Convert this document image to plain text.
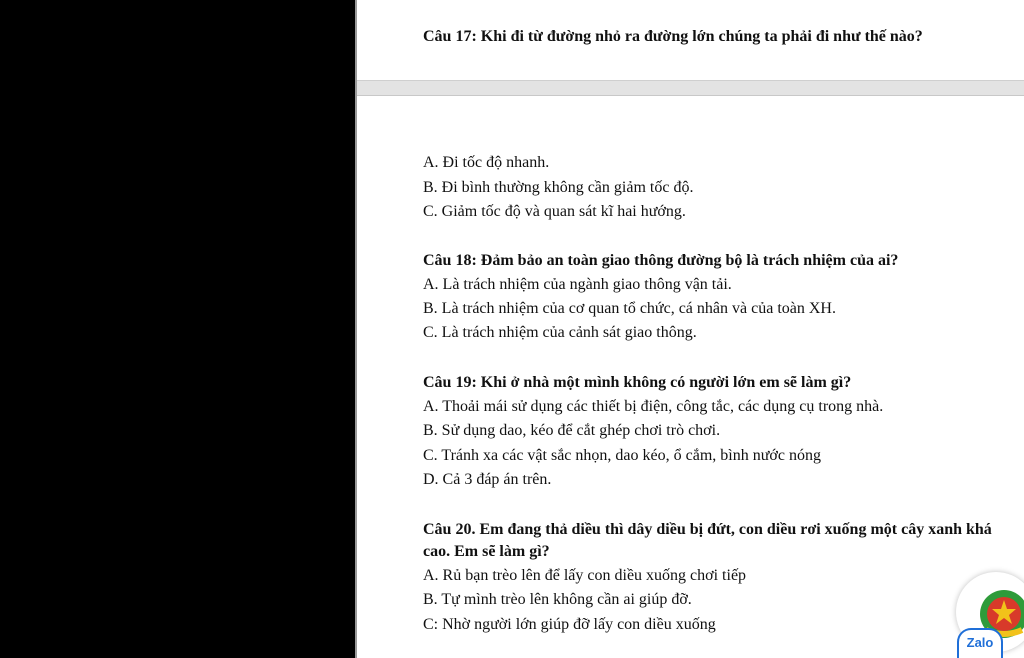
Câu 17: Khi đi từ đường nhỏ ra đường lớn chúng ta phải đi như thế nào?
A. Đi tốc độ nhanh.
B. Đi bình thường không cần giảm tốc độ.
C. Giảm tốc độ và quan sát kĩ hai hướng.
Câu 18: Đảm bảo an toàn giao thông đường bộ là trách nhiệm của ai?
A. Là trách nhiệm của ngành giao thông vận tải.
B. Là trách nhiệm của cơ quan tổ chức, cá nhân và của toàn XH.
C. Là trách nhiệm của cảnh sát giao thông.
Câu 19: Khi ở nhà một mình không có người lớn em sẽ làm gì?
A. Thoải mái sử dụng các thiết bị điện, công tắc, các dụng cụ trong nhà.
B. Sử dụng dao, kéo để cắt ghép chơi trò chơi.
C. Tránh xa các vật sắc nhọn, dao kéo, ổ cắm, bình nước nóng
D. Cả 3 đáp án trên.
Câu 20. Em đang thả diều thì dây diều bị đứt, con diều rơi xuống một cây xanh khá
cao. Em sẽ làm gì?
A. Rủ bạn trèo lên để lấy con diều xuống chơi tiếp
B. Tự mình trèo lên không cần ai giúp đỡ.
C: Nhờ người lớn giúp đỡ lấy con diều xuống
Zalo
